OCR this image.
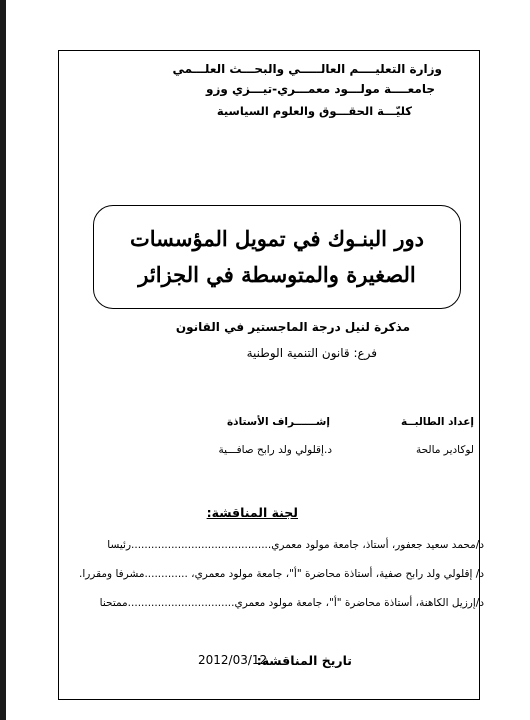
وزارة التعليــــم العالـــــي والبحـــث العلـــمي
جامعــــة مولـــود معمـــري-تيـــزي وزو
كليّـــة الحقـــوق والعلوم السياسية
دور البنـوك في تمويل المؤسسات
الصغيرة والمتوسطة في الجزائر
مذكرة لنيل درجة الماجستير في القانون
فرع: قانون التنمية الوطنية
إعداد الطالبــة
لوكادير مالحة
إشــــــراف الأستاذة
د.إقلولي ولد رابح صافـــية
لجنة المناقشة:
د/محمد سعيد جعفور، أستاذ، جامعة مولود معمري..........................................رئيسا
د/ إقلولي ولد رابح صفية، أستاذة محاضرة "أ"، جامعة مولود معمري، .............مشرفا ومقررا.
د/إرزيل الكاهنة، أستاذة محاضرة "أ"، جامعة مولود معمري................................ممتحنا
تاريخ المناقشة:
2012/03/12
